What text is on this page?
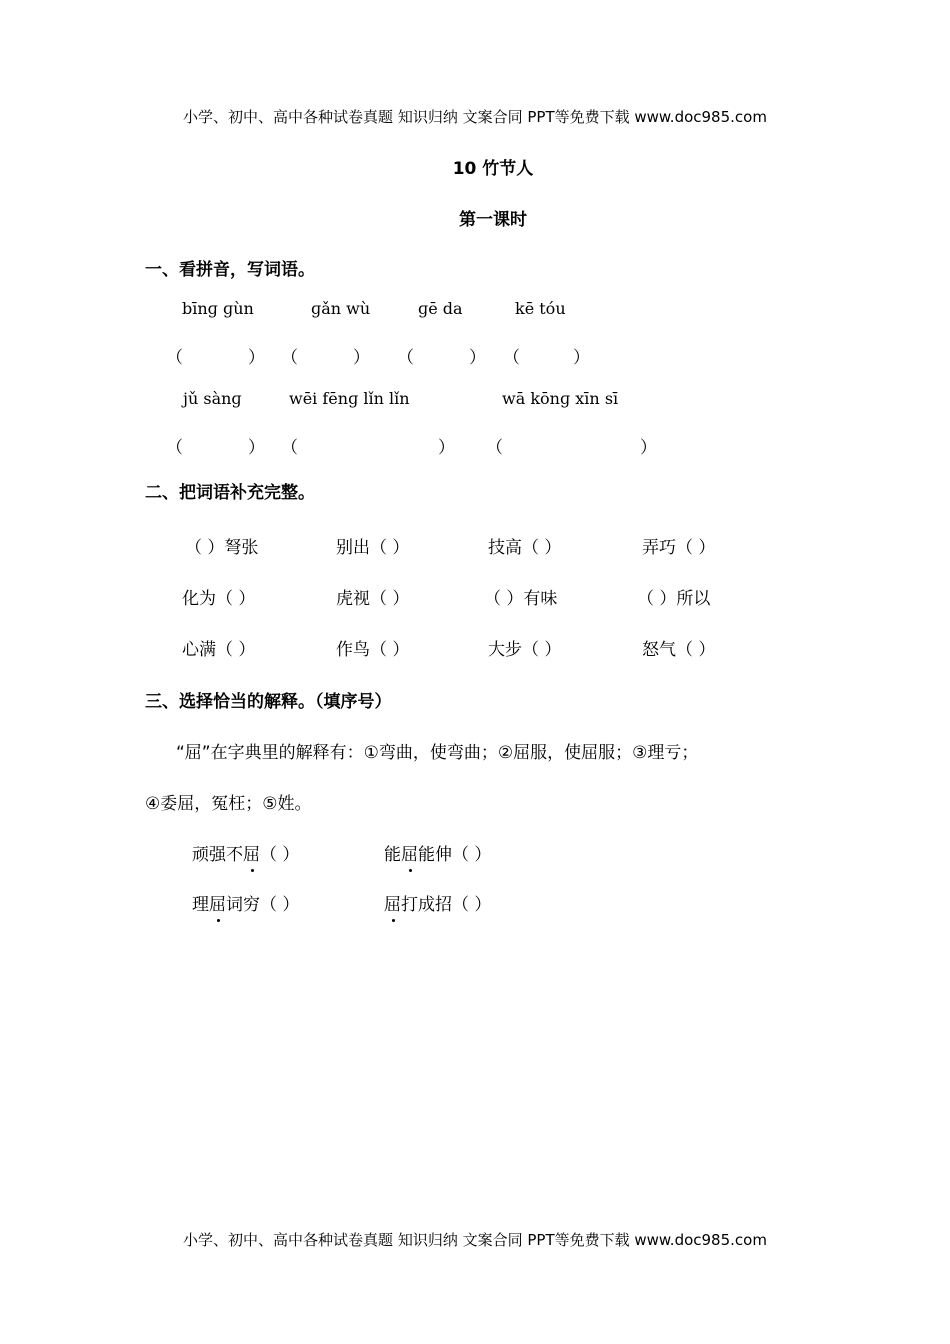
小学、初中、高中各种试卷真题 知识归纳 文案合同 PPT等免费下载 www.doc985.com
10 竹节人
第一课时
一、看拼音，写词语。
bīnɡ ɡùn	ɡǎn wù	ɡē da	kē tóu
（	） （	） （	） （	）
jǔ sànɡ	wēi fēnɡ lǐn lǐn	wā kōnɡ xīn sī
（	） （	） （	）
二、把词语补充完整。
（ ）弩张	别出（ ）	技高（ ）	弄巧（ ）
化为（ ）	虎视（ ）	（ ）有味	（ ）所以
心满（ ）	作鸟（ ）	大步（ ）	怒气（ ）
三、选择恰当的解释。（填序号）
“屈”在字典里的解释有：①弯曲，使弯曲；②屈服，使屈服；③理亏；
④委屈，冤枉；⑤姓。
顽强不屈（ ）	能屈能伸（ ）
理屈词穷（ ）	屈打成招（ ）
小学、初中、高中各种试卷真题 知识归纳 文案合同 PPT等免费下载 www.doc985.com
